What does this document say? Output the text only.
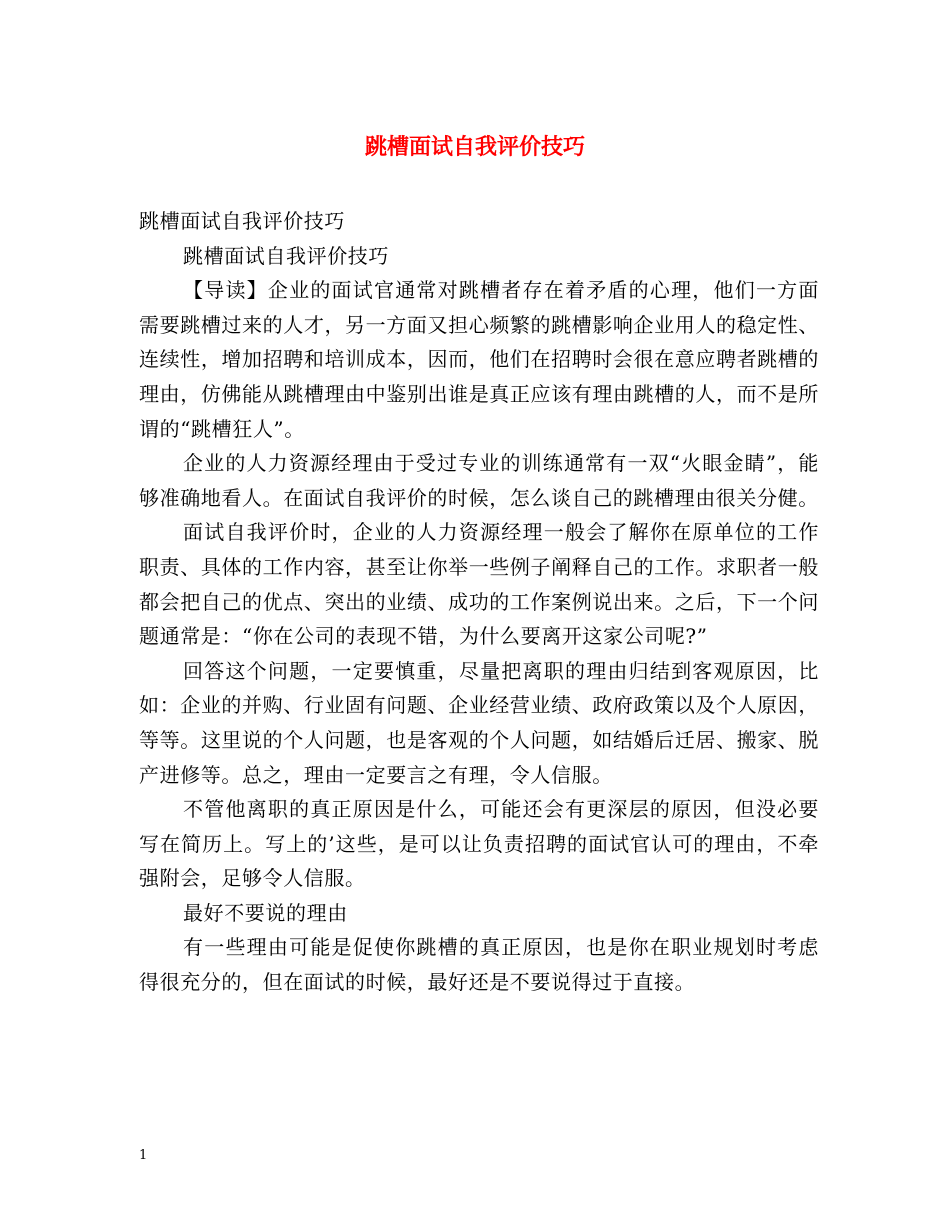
跳槽面试自我评价技巧

跳槽面试自我评价技巧

跳槽面试自我评价技巧

【导读】企业的面试官通常对跳槽者存在着矛盾的心理，他们一方面需要跳槽过来的人才，另一方面又担心频繁的跳槽影响企业用人的稳定性、连续性，增加招聘和培训成本，因而，他们在招聘时会很在意应聘者跳槽的理由，仿佛能从跳槽理由中鉴别出谁是真正应该有理由跳槽的人，而不是所谓的“跳槽狂人”。

企业的人力资源经理由于受过专业的训练通常有一双“火眼金睛”，能够准确地看人。在面试自我评价的时候，怎么谈自己的跳槽理由很关分健。

面试自我评价时，企业的人力资源经理一般会了解你在原单位的工作职责、具体的工作内容，甚至让你举一些例子阐释自己的工作。求职者一般都会把自己的优点、突出的业绩、成功的工作案例说出来。之后，下一个问题通常是：“你在公司的表现不错，为什么要离开这家公司呢?”

回答这个问题，一定要慎重，尽量把离职的理由归结到客观原因，比如：企业的并购、行业固有问题、企业经营业绩、政府政策以及个人原因，等等。这里说的个人问题，也是客观的个人问题，如结婚后迁居、搬家、脱产进修等。总之，理由一定要言之有理，令人信服。

不管他离职的真正原因是什么，可能还会有更深层的原因，但没必要写在简历上。写上的’这些，是可以让负责招聘的面试官认可的理由，不牵强附会，足够令人信服。

最好不要说的理由

有一些理由可能是促使你跳槽的真正原因，也是你在职业规划时考虑得很充分的，但在面试的时候，最好还是不要说得过于直接。

1
